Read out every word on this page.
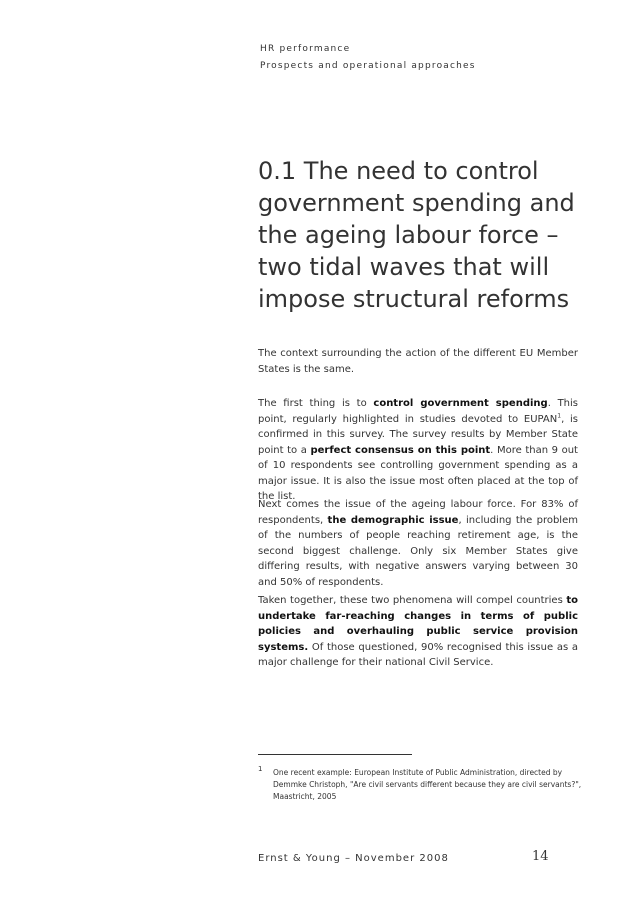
HR performance
Prospects and operational approaches
0.1 The need to control government spending and the ageing labour force – two tidal waves that will impose structural reforms

The context surrounding the action of the different EU Member States is the same.

The first thing is to control government spending. This point, regularly highlighted in studies devoted to EUPAN$^1$, is confirmed in this survey. The survey results by Member State point to a perfect consensus on this point. More than 9 out of 10 respondents see controlling government spending as a major issue. It is also the issue most often placed at the top of the list.

Next comes the issue of the ageing labour force. For 83% of respondents, the demographic issue, including the problem of the numbers of people reaching retirement age, is the second biggest challenge. Only six Member States give differing results, with negative answers varying between 30 and 50% of respondents.

Taken together, these two phenomena will compel countries to undertake far-reaching changes in terms of public policies and overhauling public service provision systems. Of those questioned, 90% recognised this issue as a major challenge for their national Civil Service.

1 One recent example: European Institute of Public Administration, directed by Demmke Christoph, "Are civil servants different because they are civil servants?", Maastricht, 2005

Ernst & Young – November 2008	14
